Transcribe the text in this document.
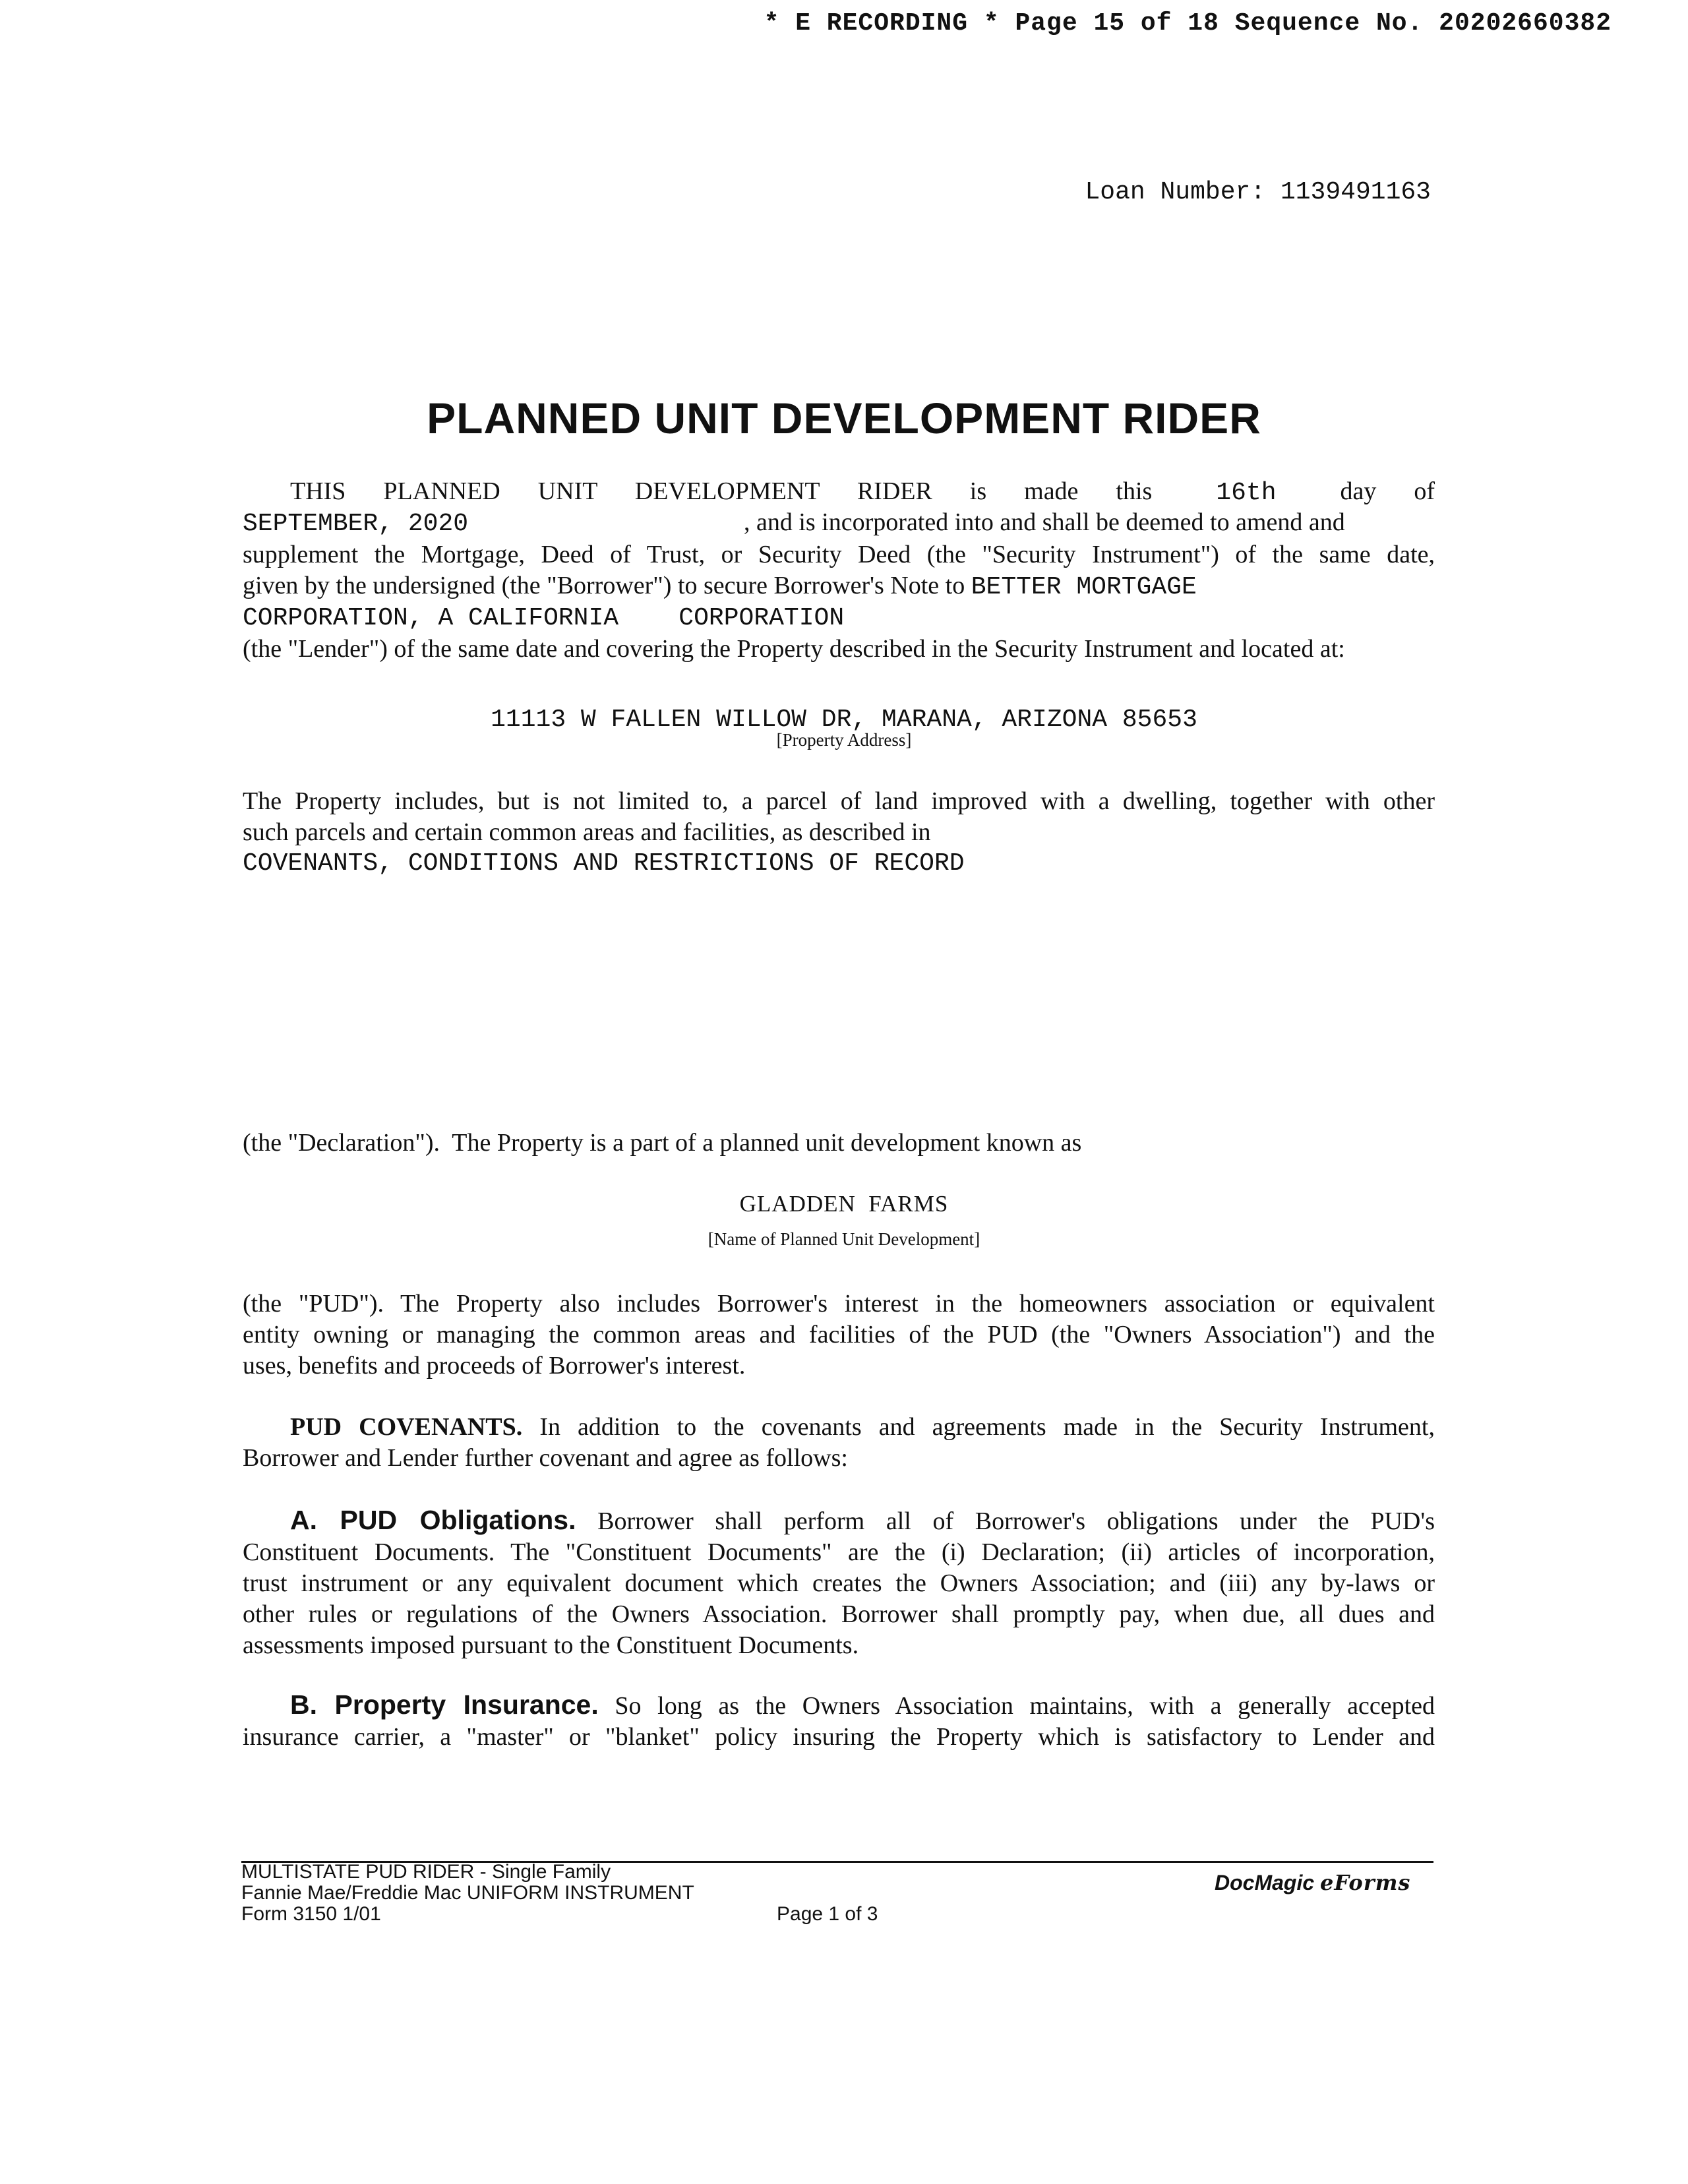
* E RECORDING * Page 15 of 18 Sequence No. 20202660382
Loan Number: 1139491163
PLANNED UNIT DEVELOPMENT RIDER
THIS PLANNED UNIT DEVELOPMENT RIDER is made this	16th	day of
SEPTEMBER, 2020	, and is incorporated into and shall be deemed to amend and
supplement the Mortgage, Deed of Trust, or Security Deed (the "Security Instrument") of the same date,
given by the undersigned (the "Borrower") to secure Borrower's Note to BETTER MORTGAGE
CORPORATION, A CALIFORNIA    CORPORATION
(the "Lender") of the same date and covering the Property described in the Security Instrument and located at:
11113 W FALLEN WILLOW DR, MARANA, ARIZONA 85653
[Property Address]
The Property includes, but is not limited to, a parcel of land improved with a dwelling, together with other
such parcels and certain common areas and facilities, as described in
COVENANTS, CONDITIONS AND RESTRICTIONS OF RECORD
(the "Declaration").  The Property is a part of a planned unit development known as
GLADDEN  FARMS
[Name of Planned Unit Development]
(the "PUD"). The Property also includes Borrower's interest in the homeowners association or equivalent
entity owning or managing the common areas and facilities of the PUD (the "Owners Association") and the
uses, benefits and proceeds of Borrower's interest.
PUD COVENANTS. In addition to the covenants and agreements made in the Security Instrument,
Borrower and Lender further covenant and agree as follows:
A. PUD Obligations. Borrower shall perform all of Borrower's obligations under the PUD's
Constituent Documents. The "Constituent Documents" are the (i) Declaration; (ii) articles of incorporation,
trust instrument or any equivalent document which creates the Owners Association; and (iii) any by-laws or
other rules or regulations of the Owners Association. Borrower shall promptly pay, when due, all dues and
assessments imposed pursuant to the Constituent Documents.
B. Property Insurance. So long as the Owners Association maintains, with a generally accepted
insurance carrier, a "master" or "blanket" policy insuring the Property which is satisfactory to Lender and
MULTISTATE PUD RIDER - Single Family
Fannie Mae/Freddie Mac UNIFORM INSTRUMENT
Form 3150 1/01	Page 1 of 3
DocMagic eForms
